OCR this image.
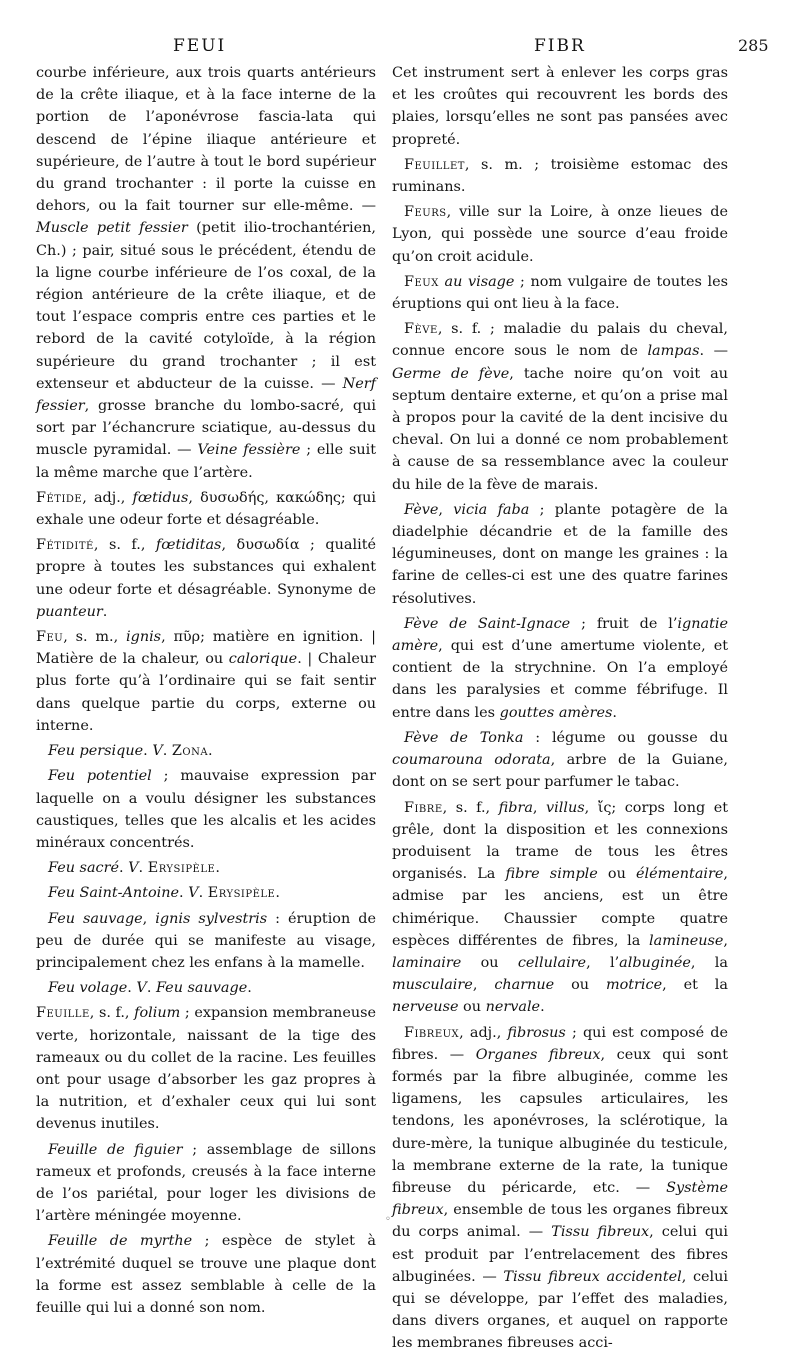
FEUI	FIBR	285

courbe inférieure, aux trois quarts antérieurs de la crête iliaque, et à la face interne de la portion de l’aponévrose fascia-lata qui descend de l’épine iliaque antérieure et supérieure, de l’autre à tout le bord supérieur du grand trochanter : il porte la cuisse en dehors, ou la fait tourner sur elle-même. — Muscle petit fessier (petit ilio-trochantérien, Ch.) ; pair, situé sous le précédent, étendu de la ligne courbe inférieure de l’os coxal, de la région antérieure de la crête iliaque, et de tout l’espace compris entre ces parties et le rebord de la cavité cotyloïde, à la région supérieure du grand trochanter ; il est extenseur et abducteur de la cuisse. — Nerf fessier, grosse branche du lombo-sacré, qui sort par l’échancrure sciatique, au-dessus du muscle pyramidal. — Veine fessière ; elle suit la même marche que l’artère.

Fétide, adj., fœtidus, δυσωδής, κακώδης; qui exhale une odeur forte et désagréable.

Fétidité, s. f., fœtiditas, δυσωδία ; qualité propre à toutes les substances qui exhalent une odeur forte et désagréable. Synonyme de puanteur.

Feu, s. m., ignis, πῦρ; matière en ignition. | Matière de la chaleur, ou calorique. | Chaleur plus forte qu’à l’ordinaire qui se fait sentir dans quelque partie du corps, externe ou interne.

Feu persique. V. Zona.

Feu potentiel ; mauvaise expression par laquelle on a voulu désigner les substances caustiques, telles que les alcalis et les acides minéraux concentrés.

Feu sacré. V. Erysipèle.

Feu Saint-Antoine. V. Erysipèle.

Feu sauvage, ignis sylvestris : éruption de peu de durée qui se manifeste au visage, principalement chez les enfans à la mamelle.

Feu volage. V. Feu sauvage.

Feuille, s. f., folium ; expansion membraneuse verte, horizontale, naissant de la tige des rameaux ou du collet de la racine. Les feuilles ont pour usage d’absorber les gaz propres à la nutrition, et d’exhaler ceux qui lui sont devenus inutiles.

Feuille de figuier ; assemblage de sillons rameux et profonds, creusés à la face interne de l’os pariétal, pour loger les divisions de l’artère méningée moyenne.

Feuille de myrthe ; espèce de stylet à l’extrémité duquel se trouve une plaque dont la forme est assez semblable à celle de la feuille qui lui a donné son nom.

Cet instrument sert à enlever les corps gras et les croûtes qui recouvrent les bords des plaies, lorsqu’elles ne sont pas pansées avec propreté.

Feuillet, s. m. ; troisième estomac des ruminans.

Feurs, ville sur la Loire, à onze lieues de Lyon, qui possède une source d’eau froide qu’on croit acidule.

Feux au visage ; nom vulgaire de toutes les éruptions qui ont lieu à la face.

Fève, s. f. ; maladie du palais du cheval, connue encore sous le nom de lampas. — Germe de fève, tache noire qu’on voit au septum dentaire externe, et qu’on a prise mal à propos pour la cavité de la dent incisive du cheval. On lui a donné ce nom probablement à cause de sa ressemblance avec la couleur du hile de la fève de marais.

Fève, vicia faba ; plante potagère de la diadelphie décandrie et de la famille des légumineuses, dont on mange les graines : la farine de celles-ci est une des quatre farines résolutives.

Fève de Saint-Ignace ; fruit de l’ignatie amère, qui est d’une amertume violente, et contient de la strychnine. On l’a employé dans les paralysies et comme fébrifuge. Il entre dans les gouttes amères.

Fève de Tonka : légume ou gousse du coumarouna odorata, arbre de la Guiane, dont on se sert pour parfumer le tabac.

Fibre, s. f., fibra, villus, ἴς; corps long et grêle, dont la disposition et les connexions produisent la trame de tous les êtres organisés. La fibre simple ou élémentaire, admise par les anciens, est un être chimérique. Chaussier compte quatre espèces différentes de fibres, la lamineuse, laminaire ou cellulaire, l’albuginée, la musculaire, charnue ou motrice, et la nerveuse ou nervale.

Fibreux, adj., fibrosus ; qui est composé de fibres. — Organes fibreux, ceux qui sont formés par la fibre albuginée, comme les ligamens, les capsules articulaires, les tendons, les aponévroses, la sclérotique, la dure-mère, la tunique albuginée du testicule, la membrane externe de la rate, la tunique fibreuse du péricarde, etc. — Système fibreux, ensemble de tous les organes fibreux du corps animal. — Tissu fibreux, celui qui est produit par l’entrelacement des fibres albuginées. — Tissu fibreux accidentel, celui qui se développe, par l’effet des maladies, dans divers organes, et auquel on rapporte les membranes fibreuses acci-

◦
